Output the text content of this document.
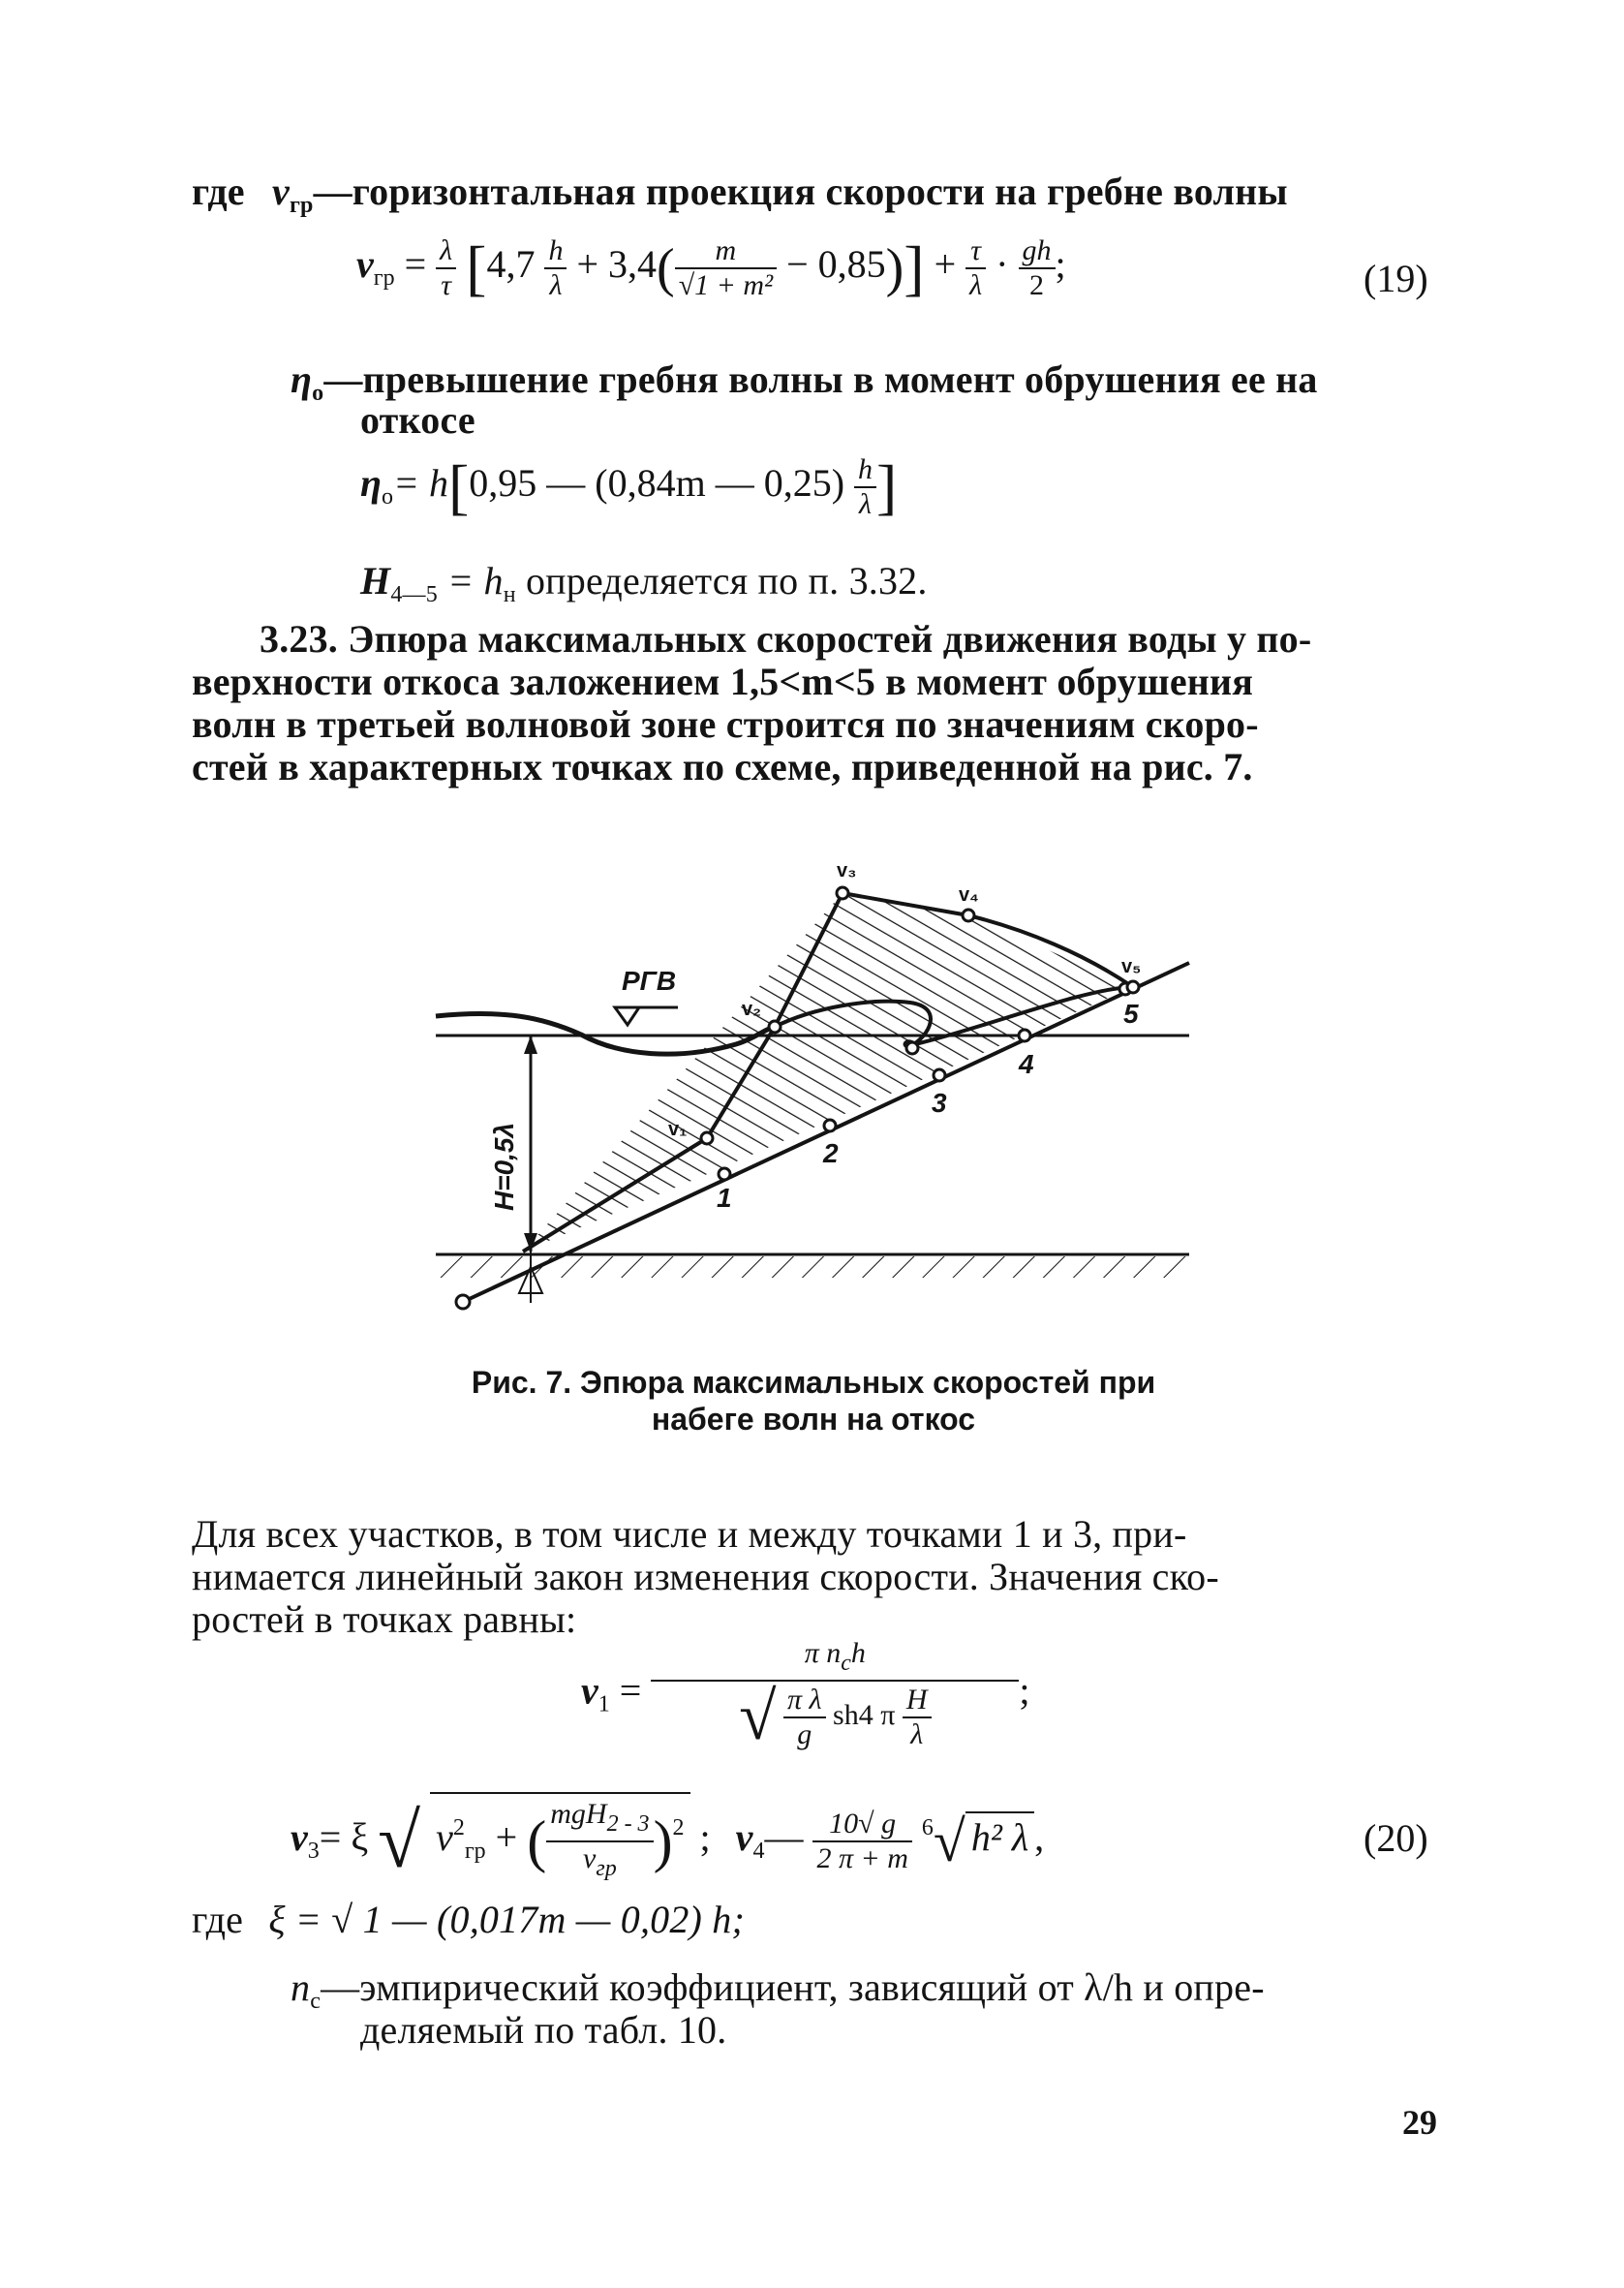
где $v_{гр}—горизонтальная$ проекция скорости на гребне волны
$v_{гр} = \frac{\lambda}{\tau} [4,7 \frac{h}{\lambda} + 3,4( \frac{m}{\text{√1 + m²}} - 0,85)] + \frac{\tau}{\lambda} \cdot \frac{gh}{2}$ ;	(19)
$\eta_о—превышение$ гребня волны в момент обрушения ее на
откосе
$\eta_о= h[0,95$ — (0,84m — $0,25) \frac{h}{\lambda}$ ]
$H_{4—5} = h_н$ определяется по п. 3.32.
3.23. Эпюра максимальных скоростей движения воды у по-
верхности откоса заложением 1,5<m<5 в момент обрушения
волн в третьей волновой зоне строится по значениям скоро-
стей в характерных точках по схеме, приведенной на рис. 7.
РГВ
H=0,5λ	v₁
v₂
v₃
v₄
v₅
1
2
3
4
5
Рис. 7. Эпюра максимальных скоростей при
набеге волн на откос
Для всех участков, в том числе и между точками 1 и 3, при-
нимается линейный закон изменения скорости. Значения ско-
ростей в точках равны:
$v_1 = \frac{\pi n_сh}{√ \frac{\text{π λ}}{g} sh4 \pi \frac{H}{\lambda}}$ ;
$v_3= \xi$ √ $v^2_{гр}$ + ( $\frac{mgH_{2 - 3}}{v_{гр}} )^2$ ; $v_4— \frac{10√ g}{2 \pi + m} ^6√$ h² λ ,	(20)
где ξ = √ 1 — (0,017m — 0,02) h;
$n_с—эмпирический$ коэффициент, зависящий от λ/h и опре-
деляемый по табл. 10.
29
